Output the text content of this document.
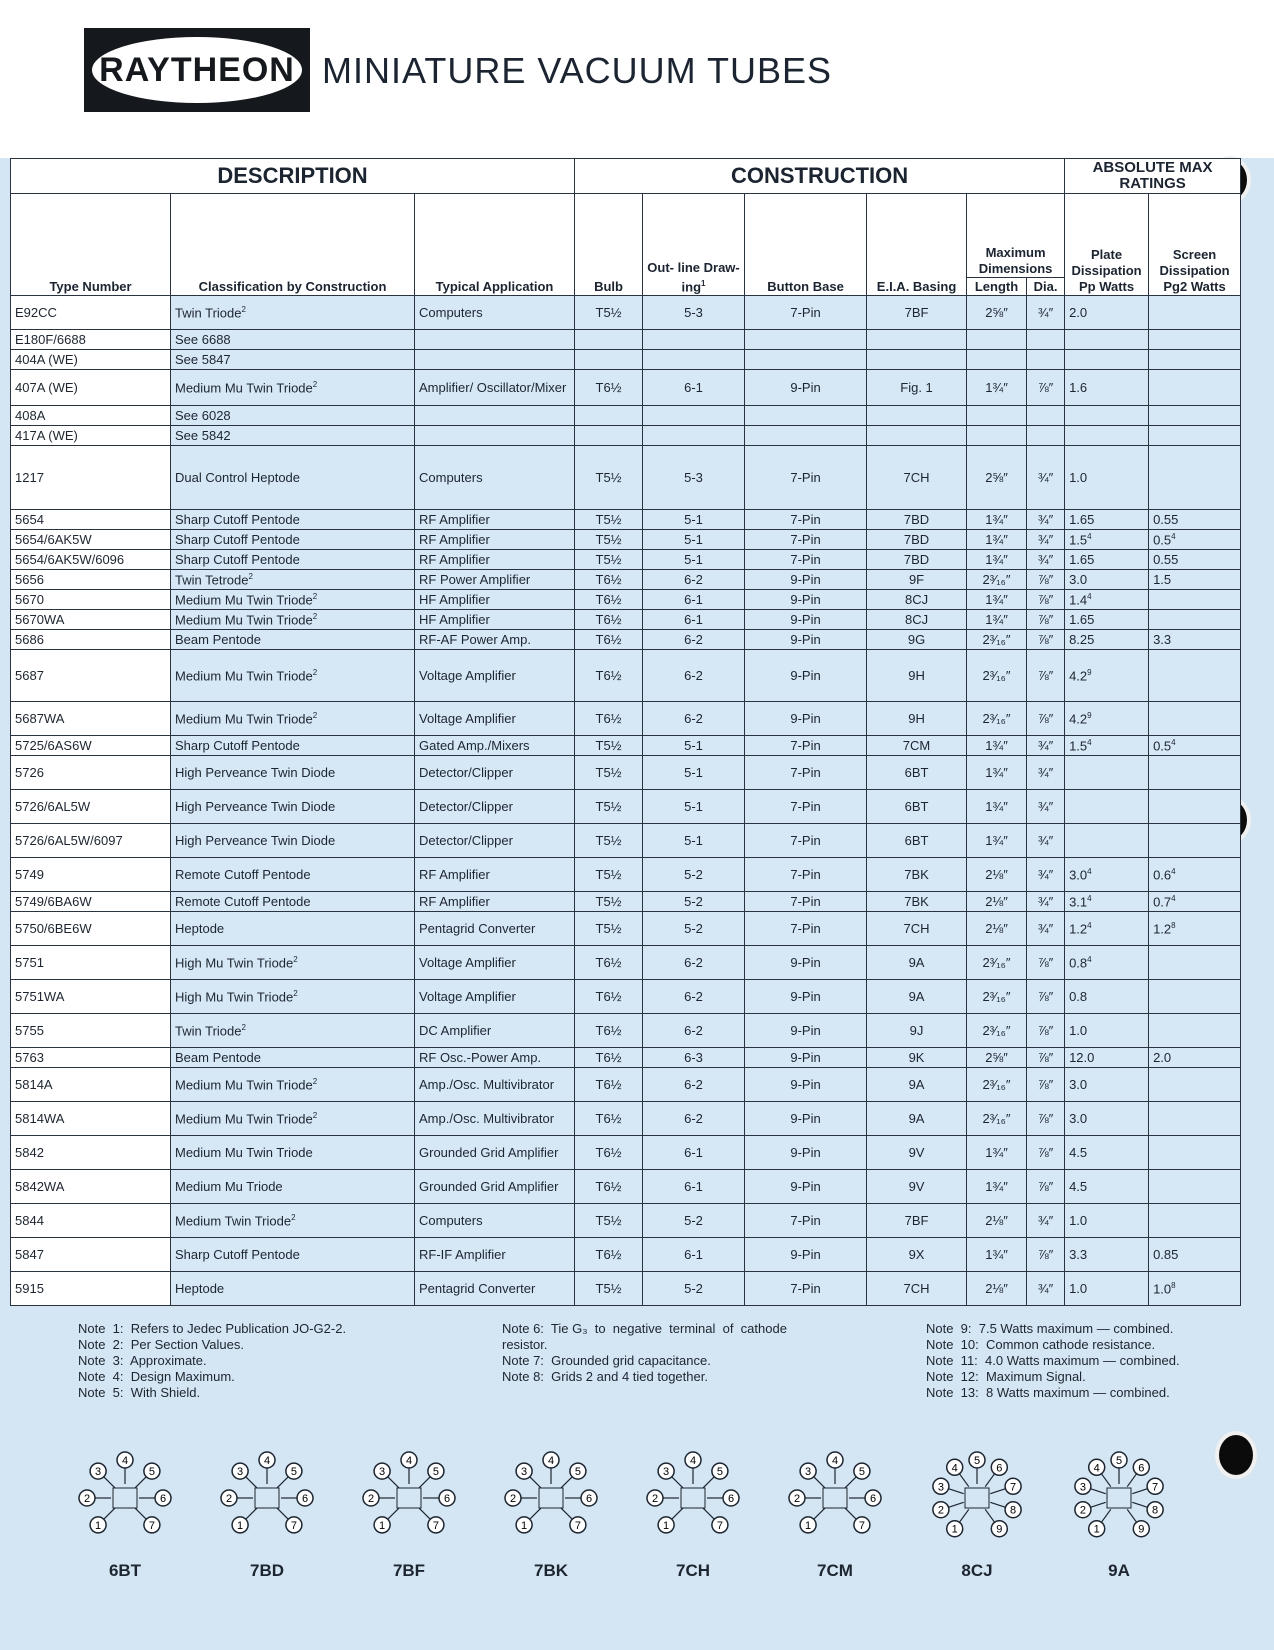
RAYTHEON MINIATURE VACUUM TUBES
DESCRIPTION			CONSTRUCTION						ABSOLUTE MAX RATINGS	
Type Number	Classification by Construction	Typical Application	Bulb	Out- line Draw- ing$^1$	Button Base	E.I.A. Basing	Maximum Dimensions		Plate Dissipation Pp Watts	Screen Dissipation Pg2 Watts
							Length	Dia.		
E92CC	Twin Triode$^2$	Computers	T5½	5-3	7-Pin	7BF	2⅝″	¾″	2.0	
E180F/6688	See 6688									
404A (WE)	See 5847									
407A (WE)	Medium Mu Twin Triode$^2$	Amplifier/ Oscillator/Mixer	T6½	6-1	9-Pin	Fig. 1	1¾″	⅞″	1.6	
408A	See 6028									
417A (WE)	See 5842									
1217	Dual Control Heptode	Computers	T5½	5-3	7-Pin	7CH	2⅝″	¾″	1.0	
5654	Sharp Cutoff Pentode	RF Amplifier	T5½	5-1	7-Pin	7BD	1¾″	¾″	1.65	0.55
5654/6AK5W	Sharp Cutoff Pentode	RF Amplifier	T5½	5-1	7-Pin	7BD	1¾″	¾″	$1.5^4$	$0.5^4$
5654/6AK5W/6096	Sharp Cutoff Pentode	RF Amplifier	T5½	5-1	7-Pin	7BD	1¾″	¾″	1.65	0.55
5656	Twin Tetrode$^2$	RF Power Amplifier	T6½	6-2	9-Pin	9F	2³⁄₁₆″	⅞″	3.0	1.5
5670	Medium Mu Twin Triode$^2$	HF Amplifier	T6½	6-1	9-Pin	8CJ	1¾″	⅞″	$1.4^4$	
5670WA	Medium Mu Twin Triode$^2$	HF Amplifier	T6½	6-1	9-Pin	8CJ	1¾″	⅞″	1.65	
5686	Beam Pentode	RF-AF Power Amp.	T6½	6-2	9-Pin	9G	2³⁄₁₆″	⅞″	8.25	3.3
5687	Medium Mu Twin Triode$^2$	Voltage Amplifier	T6½	6-2	9-Pin	9H	2³⁄₁₆″	⅞″	$4.2^9$	
5687WA	Medium Mu Twin Triode$^2$	Voltage Amplifier	T6½	6-2	9-Pin	9H	2³⁄₁₆″	⅞″	$4.2^9$	
5725/6AS6W	Sharp Cutoff Pentode	Gated Amp./Mixers	T5½	5-1	7-Pin	7CM	1¾″	¾″	$1.5^4$	$0.5^4$
5726	High Perveance Twin Diode	Detector/Clipper	T5½	5-1	7-Pin	6BT	1¾″	¾″		
5726/6AL5W	High Perveance Twin Diode	Detector/Clipper	T5½	5-1	7-Pin	6BT	1¾″	¾″		
5726/6AL5W/6097	High Perveance Twin Diode	Detector/Clipper	T5½	5-1	7-Pin	6BT	1¾″	¾″		
5749	Remote Cutoff Pentode	RF Amplifier	T5½	5-2	7-Pin	7BK	2⅛″	¾″	$3.0^4$	$0.6^4$
5749/6BA6W	Remote Cutoff Pentode	RF Amplifier	T5½	5-2	7-Pin	7BK	2⅛″	¾″	$3.1^4$	$0.7^4$
5750/6BE6W	Heptode	Pentagrid Converter	T5½	5-2	7-Pin	7CH	2⅛″	¾″	$1.2^4$	$1.2^8$
5751	High Mu Twin Triode$^2$	Voltage Amplifier	T6½	6-2	9-Pin	9A	2³⁄₁₆″	⅞″	$0.8^4$	
5751WA	High Mu Twin Triode$^2$	Voltage Amplifier	T6½	6-2	9-Pin	9A	2³⁄₁₆″	⅞″	0.8	
5755	Twin Triode$^2$	DC Amplifier	T6½	6-2	9-Pin	9J	2³⁄₁₆″	⅞″	1.0	
5763	Beam Pentode	RF Osc.-Power Amp.	T6½	6-3	9-Pin	9K	2⅝″	⅞″	12.0	2.0
5814A	Medium Mu Twin Triode$^2$	Amp./Osc. Multivibrator	T6½	6-2	9-Pin	9A	2³⁄₁₆″	⅞″	3.0	
5814WA	Medium Mu Twin Triode$^2$	Amp./Osc. Multivibrator	T6½	6-2	9-Pin	9A	2³⁄₁₆″	⅞″	3.0	
5842	Medium Mu Twin Triode	Grounded Grid Amplifier	T6½	6-1	9-Pin	9V	1¾″	⅞″	4.5	
5842WA	Medium Mu Triode	Grounded Grid Amplifier	T6½	6-1	9-Pin	9V	1¾″	⅞″	4.5	
5844	Medium Twin Triode$^2$	Computers	T5½	5-2	7-Pin	7BF	2⅛″	¾″	1.0	
5847	Sharp Cutoff Pentode	RF-IF Amplifier	T6½	6-1	9-Pin	9X	1¾″	⅞″	3.3	0.85
5915	Heptode	Pentagrid Converter	T5½	5-2	7-Pin	7CH	2⅛″	¾″	1.0	$1.0^8$
Note  1:  Refers to Jedec Publication JO-G2-2.
Note  2:  Per Section Values.
Note  3:  Approximate.
Note  4:  Design Maximum.
Note  5:  With Shield.
Note 6:  Tie G₃  to  negative  terminal  of  cathode
resistor.
Note 7:  Grounded grid capacitance.
Note 8:  Grids 2 and 4 tied together.
Note  9:  7.5 Watts maximum — combined.
Note  10:  Common cathode resistance.
Note  11:  4.0 Watts maximum — combined.
Note  12:  Maximum Signal.
Note  13:  8 Watts maximum — combined.
1
2
3
4
5
6
7
6BT
1
2
3
4
5
6
7
7BD
1
2
3
4
5
6
7
7BF
1
2
3
4
5
6
7
7BK
1
2
3
4
5
6
7
7CH
1
2
3
4
5
6
7
7CM
1
2
3
4
5
6
7
8
9
8CJ
1
2
3
4
5
6
7
8
9
9A
